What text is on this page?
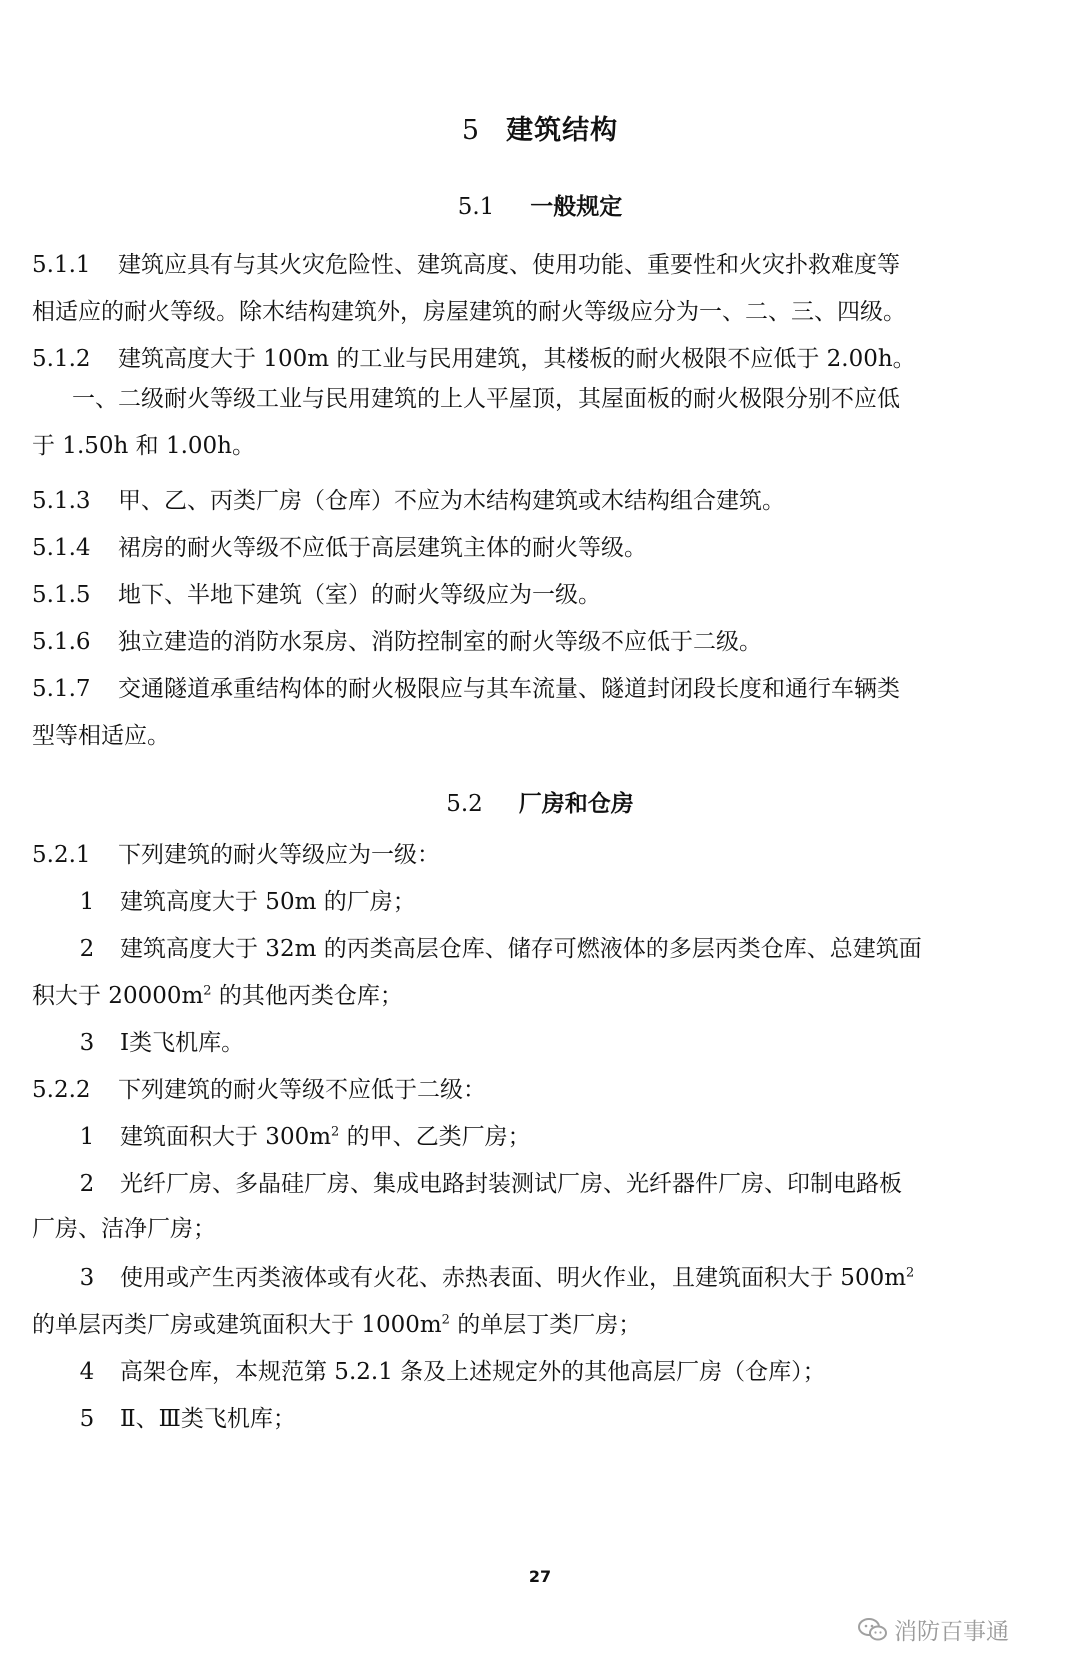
5 建筑结构
5.1 一般规定
5.1.1 建筑应具有与其火灾危险性、建筑高度、使用功能、重要性和火灾扑救难度等
相适应的耐火等级。除木结构建筑外，房屋建筑的耐火等级应分为一、二、三、四级。
5.1.2 建筑高度大于 100m 的工业与民用建筑，其楼板的耐火极限不应低于 2.00h。
一、二级耐火等级工业与民用建筑的上人平屋顶，其屋面板的耐火极限分别不应低
于 1.50h 和 1.00h。
5.1.3 甲、乙、丙类厂房（仓库）不应为木结构建筑或木结构组合建筑。
5.1.4 裙房的耐火等级不应低于高层建筑主体的耐火等级。
5.1.5 地下、半地下建筑（室）的耐火等级应为一级。
5.1.6 独立建造的消防水泵房、消防控制室的耐火等级不应低于二级。
5.1.7 交通隧道承重结构体的耐火极限应与其车流量、隧道封闭段长度和通行车辆类
型等相适应。
5.2 厂房和仓房
5.2.1 下列建筑的耐火等级应为一级：
1 建筑高度大于 50m 的厂房；
2 建筑高度大于 32m 的丙类高层仓库、储存可燃液体的多层丙类仓库、总建筑面
积大于 $20000m^2$ 的其他丙类仓库；
3 Ⅰ类飞机库。
5.2.2 下列建筑的耐火等级不应低于二级：
1 建筑面积大于 $300m^2$ 的甲、乙类厂房；
2 光纤厂房、多晶硅厂房、集成电路封装测试厂房、光纤器件厂房、印制电路板
厂房、洁净厂房；
3 使用或产生丙类液体或有火花、赤热表面、明火作业，且建筑面积大于 $500m^2$
的单层丙类厂房或建筑面积大于 $1000m^2$ 的单层丁类厂房；
4 高架仓库，本规范第 5.2.1 条及上述规定外的其他高层厂房（仓库）；
5 Ⅱ、Ⅲ类飞机库；
27
消防百事通
